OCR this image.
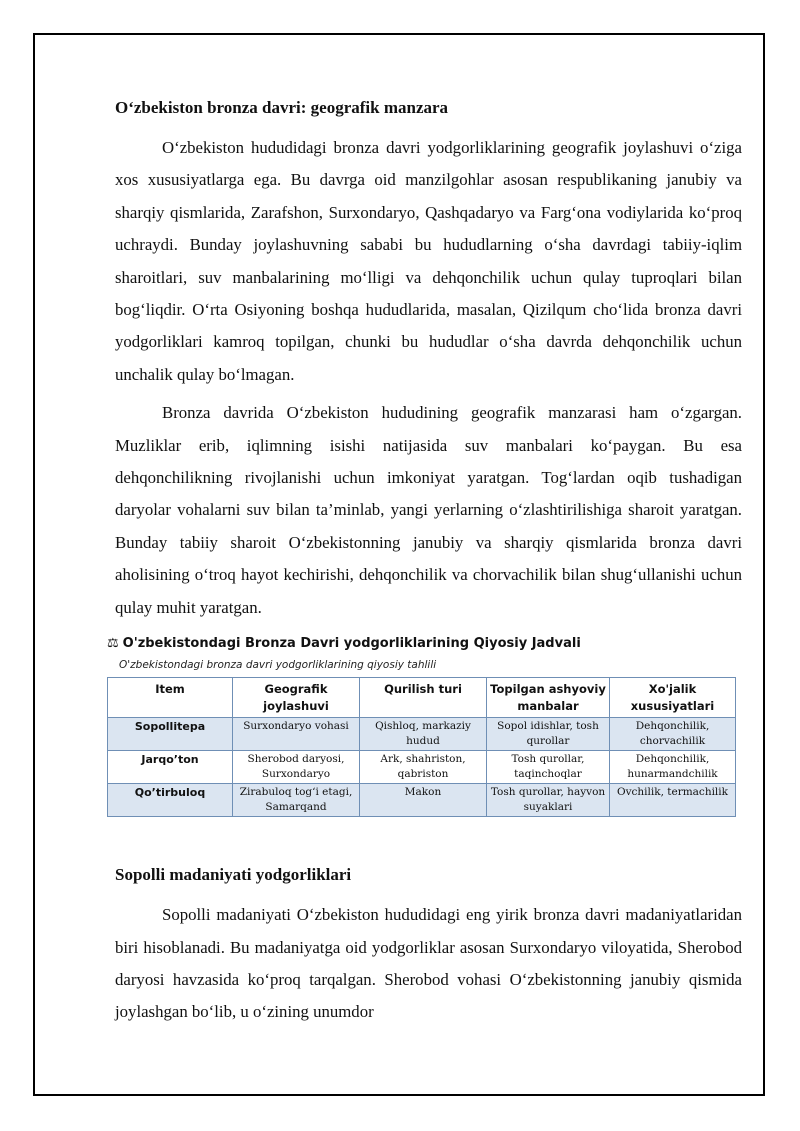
O‘zbekiston bronza davri: geografik manzara

O‘zbekiston hududidagi bronza davri yodgorliklarining geografik joylashuvi o‘ziga xos xususiyatlarga ega. Bu davrga oid manzilgohlar asosan respublikaning janubiy va sharqiy qismlarida, Zarafshon, Surxondaryo, Qashqadaryo va Farg‘ona vodiylarida ko‘proq uchraydi. Bunday joylashuvning sababi bu hududlarning o‘sha davrdagi tabiiy-iqlim sharoitlari, suv manbalarining mo‘lligi va dehqonchilik uchun qulay tuproqlari bilan bog‘liqdir. O‘rta Osiyoning boshqa hududlarida, masalan, Qizilqum cho‘lida bronza davri yodgorliklari kamroq topilgan, chunki bu hududlar o‘sha davrda dehqonchilik uchun unchalik qulay bo‘lmagan.

Bronza davrida O‘zbekiston hududining geografik manzarasi ham o‘zgargan. Muzliklar erib, iqlimning isishi natijasida suv manbalari ko‘paygan. Bu esa dehqonchilikning rivojlanishi uchun imkoniyat yaratgan. Tog‘lardan oqib tushadigan daryolar vohalarni suv bilan ta’minlab, yangi yerlarning o‘zlashtirilishiga sharoit yaratgan. Bunday tabiiy sharoit O‘zbekistonning janubiy va sharqiy qismlarida bronza davri aholisining o‘troq hayot kechirishi, dehqonchilik va chorvachilik bilan shug‘ullanishi uchun qulay muhit yaratgan.

⚖ O'zbekistondagi Bronza Davri yodgorliklarining Qiyosiy Jadvali
O'zbekistondagi bronza davri yodgorliklarining qiyosiy tahlili
Item	Geografik joylashuvi	Qurilish turi	Topilgan ashyoviy manbalar	Xo'jalik xususiyatlari
Sopollitepa	Surxondaryo vohasi	Qishloq, markaziy hudud	Sopol idishlar, tosh qurollar	Dehqonchilik, chorvachilik
Jarqo’ton	Sherobod daryosi, Surxondaryo	Ark, shahriston, qabriston	Tosh qurollar, taqinchoqlar	Dehqonchilik, hunarmandchilik
Qo’tirbuloq	Zirabuloq tog‘i etagi, Samarqand	Makon	Tosh qurollar, hayvon suyaklari	Ovchilik, termachilik
Sopolli madaniyati yodgorliklari

Sopolli madaniyati O‘zbekiston hududidagi eng yirik bronza davri madaniyatlaridan biri hisoblanadi. Bu madaniyatga oid yodgorliklar asosan Surxondaryo viloyatida, Sherobod daryosi havzasida ko‘proq tarqalgan. Sherobod vohasi O‘zbekistonning janubiy qismida joylashgan bo‘lib, u o‘zining unumdor
